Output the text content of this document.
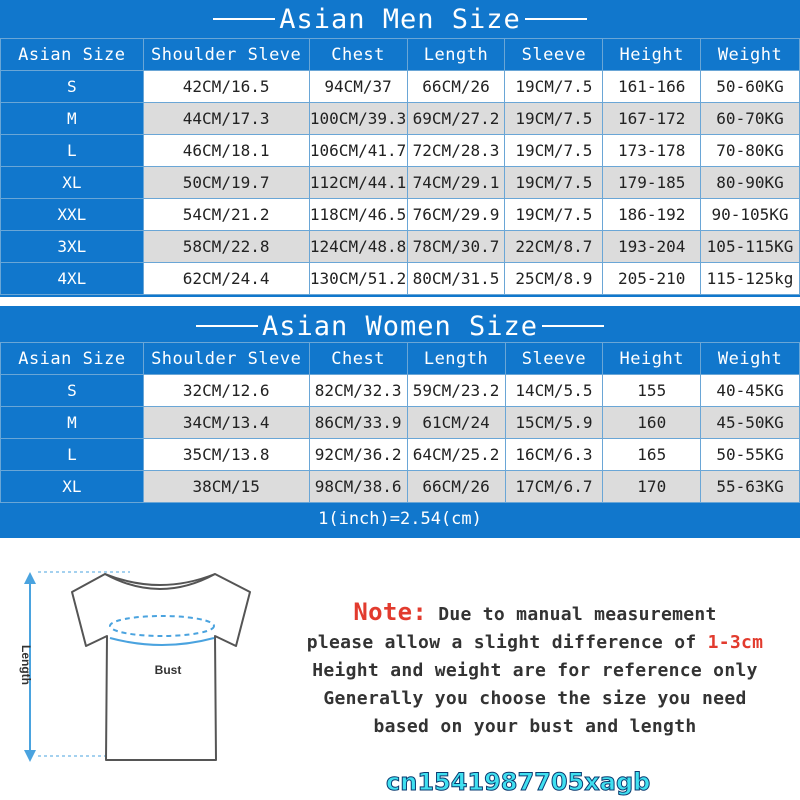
Asian Men Size
Asian Size	Shoulder Sleve	Chest	Length	Sleeve	Height	Weight
S	42CM/16.5	94CM/37	66CM/26	19CM/7.5	161-166	50-60KG
M	44CM/17.3	100CM/39.3	69CM/27.2	19CM/7.5	167-172	60-70KG
L	46CM/18.1	106CM/41.7	72CM/28.3	19CM/7.5	173-178	70-80KG
XL	50CM/19.7	112CM/44.1	74CM/29.1	19CM/7.5	179-185	80-90KG
XXL	54CM/21.2	118CM/46.5	76CM/29.9	19CM/7.5	186-192	90-105KG
3XL	58CM/22.8	124CM/48.8	78CM/30.7	22CM/8.7	193-204	105-115KG
4XL	62CM/24.4	130CM/51.2	80CM/31.5	25CM/8.9	205-210	115-125kg
Asian Women Size
Asian Size	Shoulder Sleve	Chest	Length	Sleeve	Height	Weight
S	32CM/12.6	82CM/32.3	59CM/23.2	14CM/5.5	155	40-45KG
M	34CM/13.4	86CM/33.9	61CM/24	15CM/5.9	160	45-50KG
L	35CM/13.8	92CM/36.2	64CM/25.2	16CM/6.3	165	50-55KG
XL	38CM/15	98CM/38.6	66CM/26	17CM/6.7	170	55-63KG
1(inch)=2.54(cm)
Length	Bust
Note: Due to manual measurement
please allow a slight difference of 1-3cm
Height and weight are for reference only
Generally you choose the size you need
based on your bust and length
cn1541987705xagb
